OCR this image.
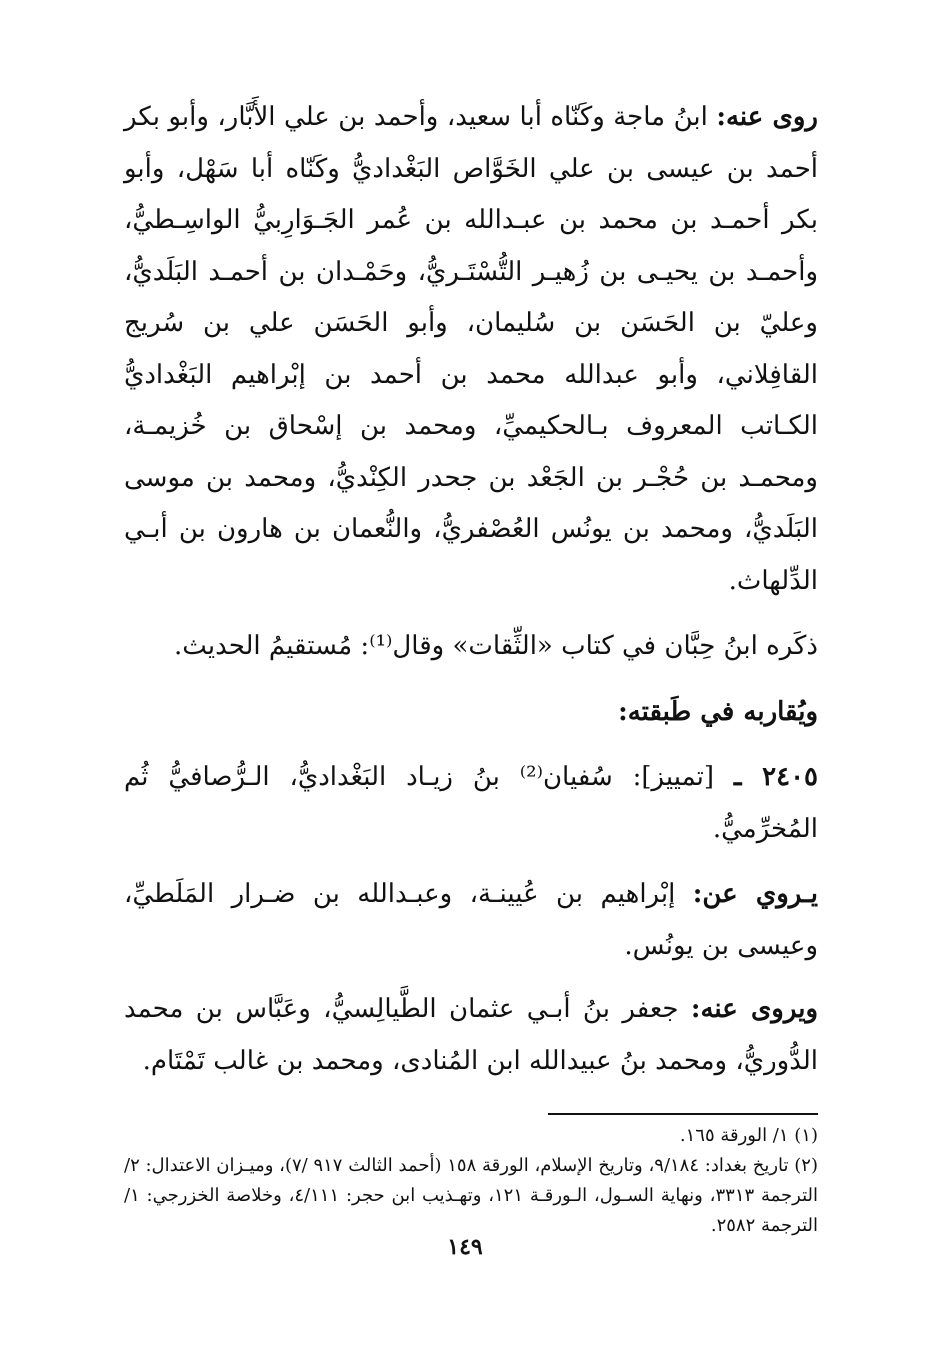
روى عنه: ابنُ ماجة وكَنّاه أبا سعيد، وأحمد بن علي الأَبَّار، وأبو بكر أحمد بن عيسى بن علي الخَوَّاص البَغْداديُّ وكَنّاه أبا سَهْل، وأبو بكر أحمـد بن محمد بن عبـدالله بن عُمر الجَـوَارِبيُّ الواسِـطيُّ، وأحمـد بن يحيـى بن زُهيـر التُّسْتَـريُّ، وحَمْـدان بن أحمـد البَلَديُّ، وعليّ بن الحَسَن بن سُليمان، وأبو الحَسَن علي بن سُريج القافِلاني، وأبو عبدالله محمد بن أحمد بن إبْراهيم البَغْداديُّ الكـاتب المعروف بـالحكيميِّ، ومحمد بن إسْحاق بن خُزيمـة، ومحمـد بن حُجْـر بن الجَعْد بن جحدر الكِنْديُّ، ومحمد بن موسى البَلَديُّ، ومحمد بن يونُس العُصْفريُّ، والنُّعمان بن هارون بن أبـي الدِّلهاث.

ذكَره ابنُ حِبَّان في كتاب «الثِّقات» وقال⁽¹⁾: مُستقيمُ الحديث.

ويُقاربه في طَبقته:

٢٤٠٥ ـ [تمييز]: سُفيان⁽²⁾ بنُ زيـاد البَغْداديُّ، الـرُّصافيُّ ثُم المُخرِّميُّ.

يـروي عن: إبْراهيم بن عُيينـة، وعبـدالله بن ضـرار المَلَطيِّ، وعيسى بن يونُس.

ويروى عنه: جعفر بنُ أبـي عثمان الطَّيالِسيُّ، وعَبَّاس بن محمد الدُّوريُّ، ومحمد بنُ عبيدالله ابن المُنادى، ومحمد بن غالب تَمْتَام.

(١) ١/ الورقة ١٦٥.
(٢) تاريخ بغداد: ٩/١٨٤، وتاريخ الإسلام، الورقة ١٥٨ (أحمد الثالث ٩١٧ /٧)، وميـزان الاعتدال: ٢/ الترجمة ٣٣١٣، ونهاية السـول، الـورقـة ١٢١، وتهـذيب ابن حجر: ٤/١١١، وخلاصة الخزرجي: ١/ الترجمة ٢٥٨٢.
١٤٩
